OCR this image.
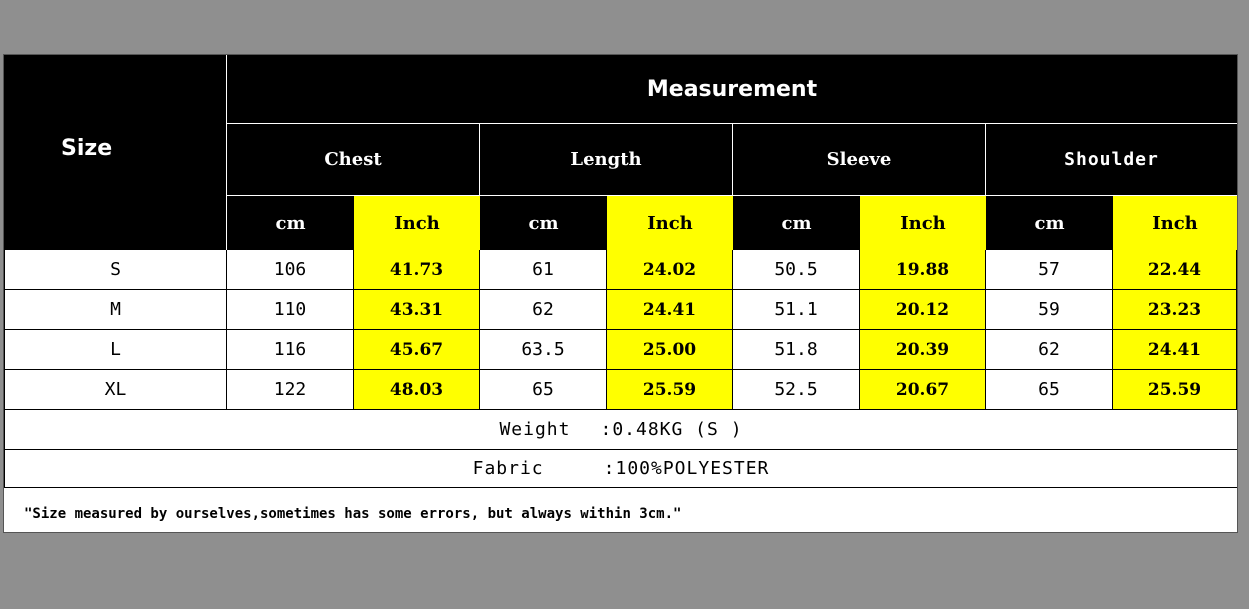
Size
Measurement
Chest	Length	Sleeve	Shoulder
cm	Inch	cm	Inch	cm	Inch	cm	Inch
S	106	41.73	61	24.02	50.5	19.88	57	22.44
M	110	43.31	62	24.41	51.1	20.12	59	23.23
L	116	45.67	63.5	25.00	51.8	20.39	62	24.41
XL	122	48.03	65	25.59	52.5	20.67	65	25.59
Weight :0.48KG (S )
Fabric	:100%POLYESTER
"Size measured by ourselves,sometimes has some errors, but always within 3cm."
